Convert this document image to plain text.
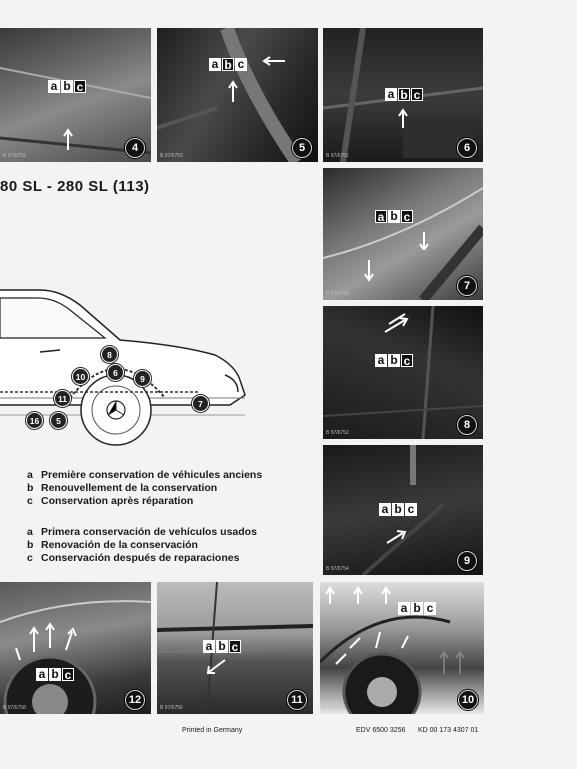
a b c
B 97/6753
4
a b c
B 97/6753
5
a b c
B 97/6751
6
80 SL - 280 SL (113)
a b c
B 97/6750
7
a b c
B 97/6752
8
a b c
B 97/6754
9
8
10	6
9
11	7
16	5
a Première conservation de véhicules anciens
b Renouvellement de la conservation
c Conservation après réparation
a Primera conservación de vehículos usados
b Renovación de la conservación
c Conservación después de reparaciones
a b c
B 97/6758
12
a b c
B 97/6756
11
a b c
B 97/6757
10
Printed in Germany	EDV 6500 3256 KD 00 173 4307 01
